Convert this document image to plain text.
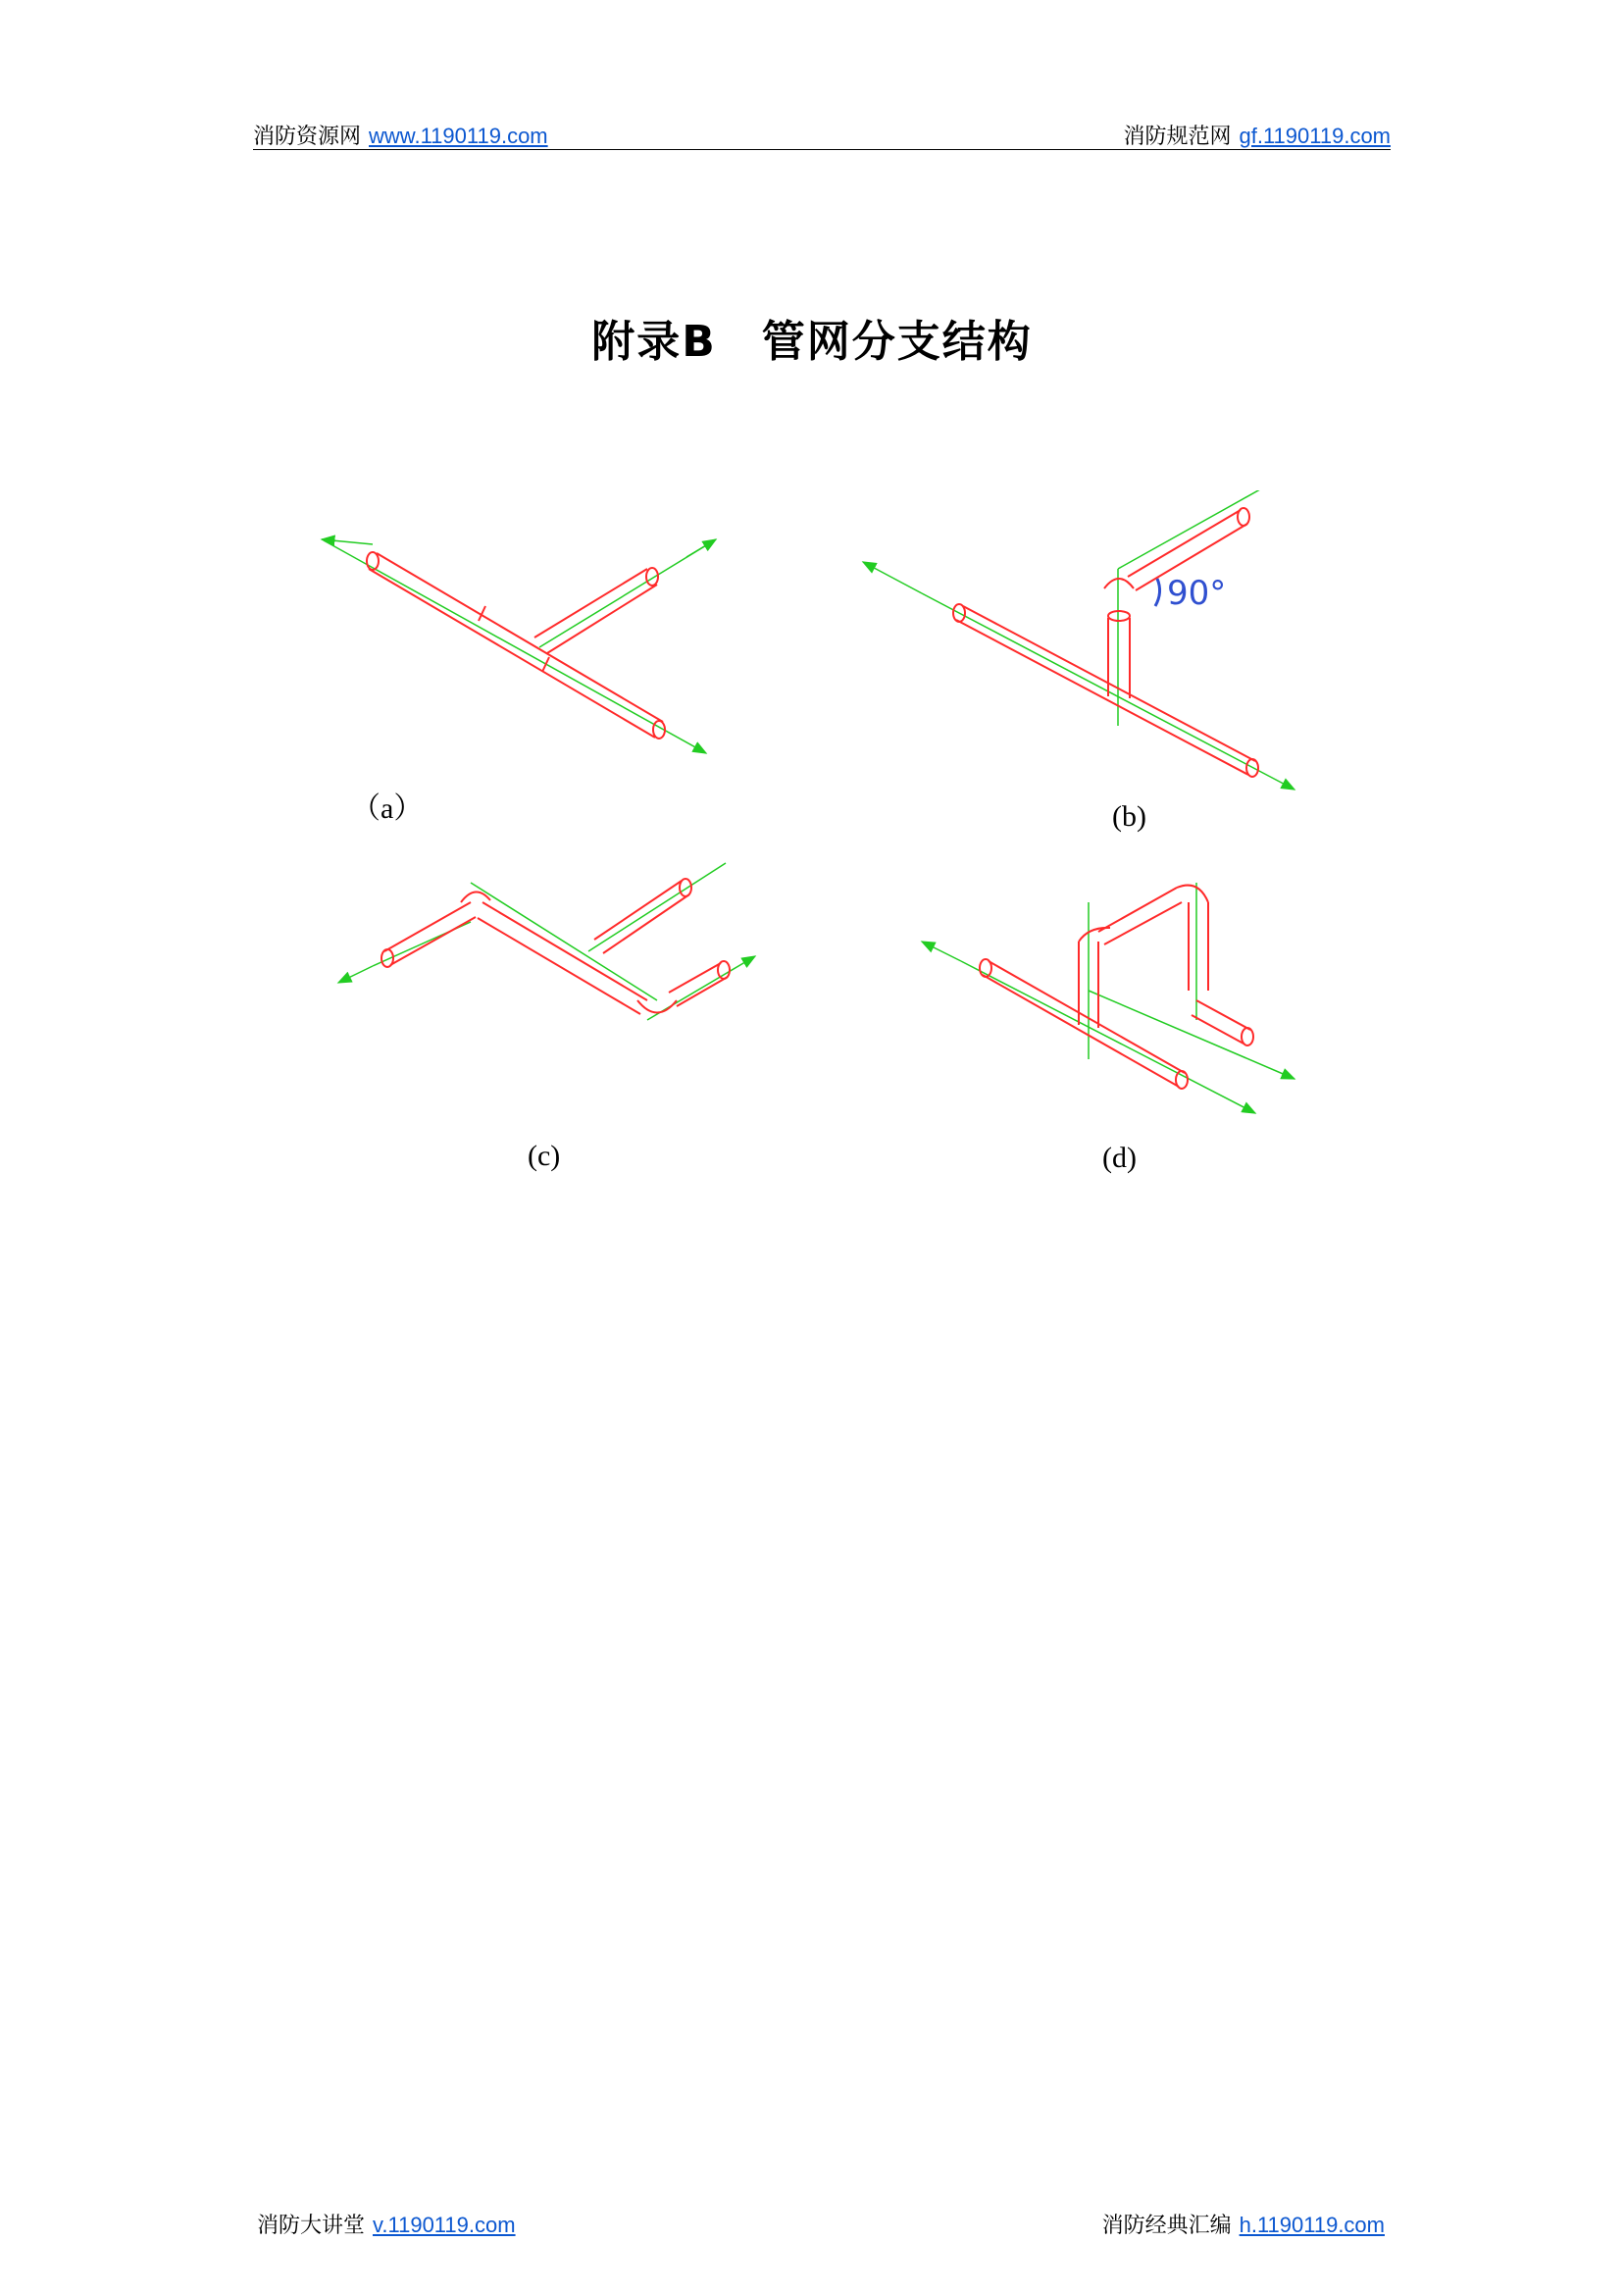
消防资源网 www.1190119.com	消防规范网 gf.1190119.com
附录B　管网分支结构
90°
（a）	(b)
(c)	(d)
消防大讲堂 v.1190119.com	消防经典汇编 h.1190119.com
